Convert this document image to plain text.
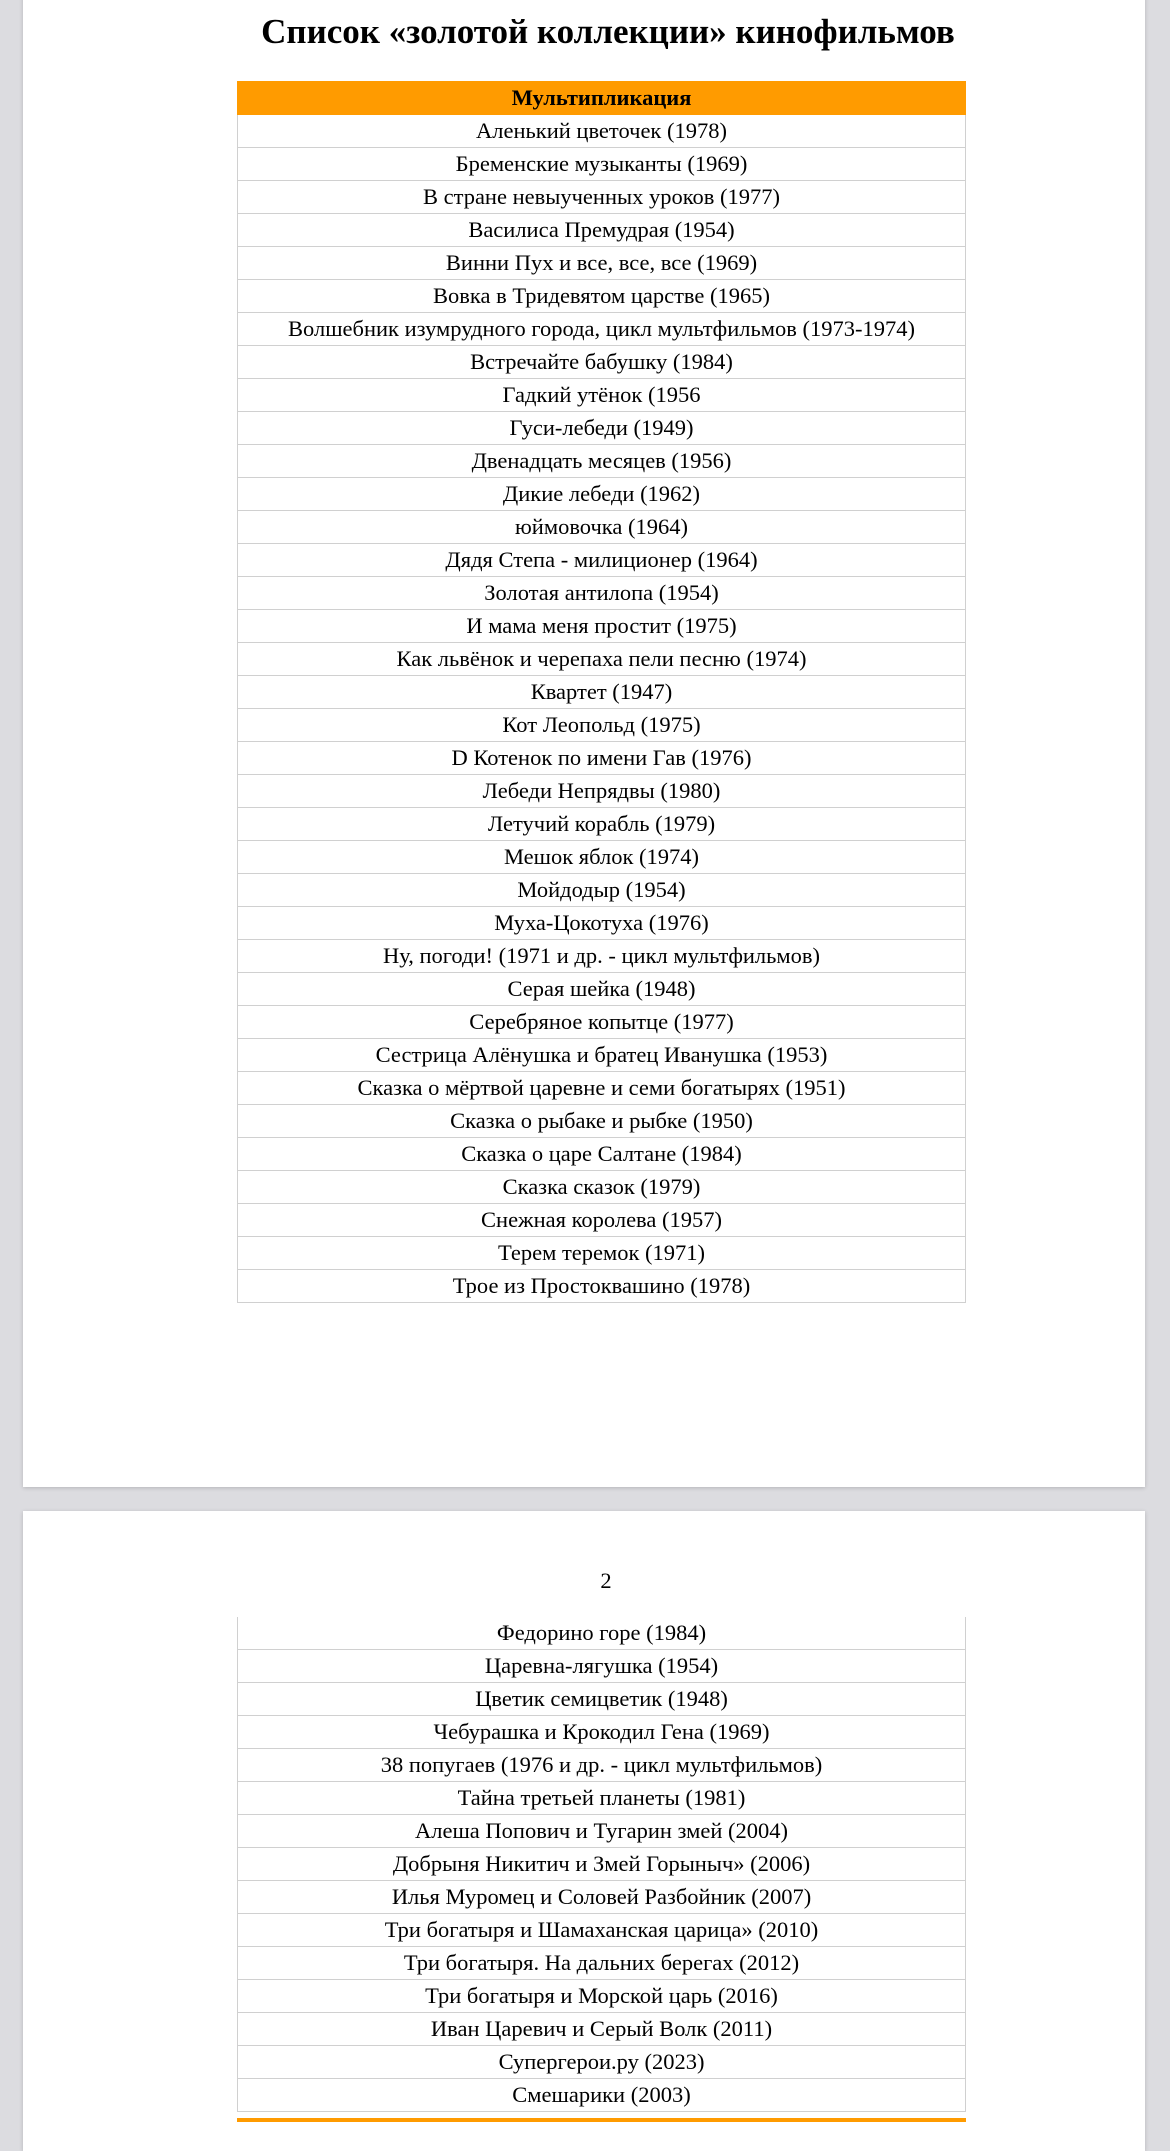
Список «золотой коллекции» кинофильмов
Мультипликация
Аленький цветочек (1978)
Бременские музыканты (1969)
В стране невыученных уроков (1977)
Василиса Премудрая (1954)
Винни Пух и все, все, все (1969)
Вовка в Тридевятом царстве (1965)
Волшебник изумрудного города, цикл мультфильмов (1973-1974)
Встречайте бабушку (1984)
Гадкий утёнок (1956
Гуси-лебеди (1949)
Двенадцать месяцев (1956)
Дикие лебеди (1962)
юймовочка (1964)
Дядя Степа - милиционер (1964)
Золотая антилопа (1954)
И мама меня простит (1975)
Как львёнок и черепаха пели песню (1974)
Квартет (1947)
Кот Леопольд (1975)
D Котенок по имени Гав (1976)
Лебеди Непрядвы (1980)
Летучий корабль (1979)
Мешок яблок (1974)
Мойдодыр (1954)
Муха-Цокотуха (1976)
Ну, погоди! (1971 и др. - цикл мультфильмов)
Серая шейка (1948)
Серебряное копытце (1977)
Сестрица Алёнушка и братец Иванушка (1953)
Сказка о мёртвой царевне и семи богатырях (1951)
Сказка о рыбаке и рыбке (1950)
Сказка о царе Салтане (1984)
Сказка сказок (1979)
Снежная королева (1957)
Терем теремок (1971)
Трое из Простоквашино (1978)
2
Федорино горе (1984)
Царевна-лягушка (1954)
Цветик семицветик (1948)
Чебурашка и Крокодил Гена (1969)
38 попугаев (1976 и др. - цикл мультфильмов)
Тайна третьей планеты (1981)
Алеша Попович и Тугарин змей (2004)
Добрыня Никитич и Змей Горыныч» (2006)
Илья Муромец и Соловей Разбойник (2007)
Три богатыря и Шамаханская царица» (2010)
Три богатыря. На дальних берегах (2012)
Три богатыря и Морской царь (2016)
Иван Царевич и Серый Волк (2011)
Супергерои.ру (2023)
Смешарики (2003)
